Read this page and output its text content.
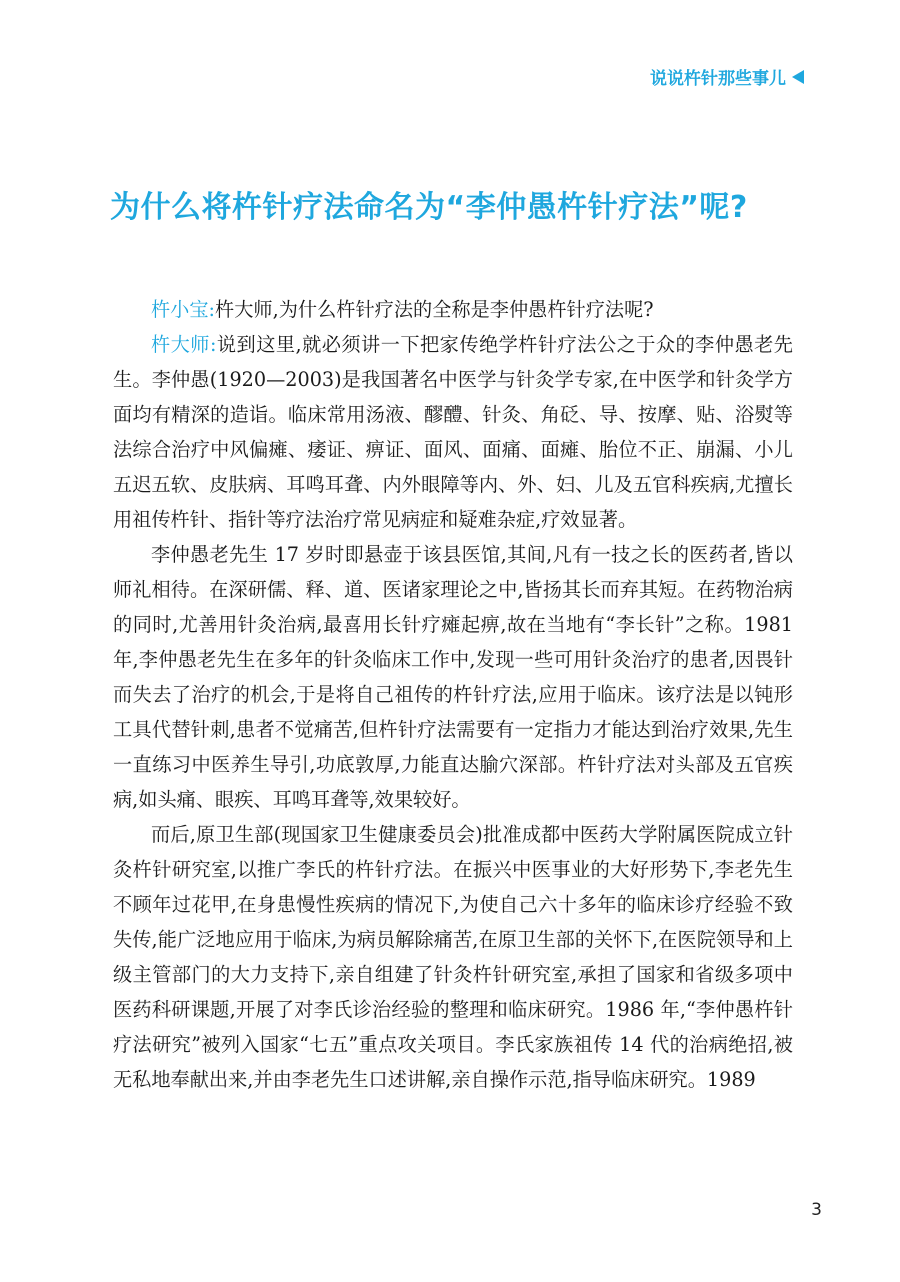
说说杵针那些事儿
为什么将杵针疗法命名为“李仲愚杵针疗法”呢?

杵小宝:杵大师,为什么杵针疗法的全称是李仲愚杵针疗法呢?

杵大师:说到这里,就必须讲一下把家传绝学杵针疗法公之于众的李仲愚老先生。李仲愚(1920—2003)是我国著名中医学与针灸学专家,在中医学和针灸学方面均有精深的造诣。临床常用汤液、醪醴、针灸、角砭、导、按摩、贴、浴熨等法综合治疗中风偏瘫、痿证、痹证、面风、面痛、面瘫、胎位不正、崩漏、小儿五迟五软、皮肤病、耳鸣耳聋、内外眼障等内、外、妇、儿及五官科疾病,尤擅长用祖传杵针、指针等疗法治疗常见病症和疑难杂症,疗效显著。

李仲愚老先生 17 岁时即悬壶于该县医馆,其间,凡有一技之长的医药者,皆以师礼相待。在深研儒、释、道、医诸家理论之中,皆扬其长而弃其短。在药物治病的同时,尤善用针灸治病,最喜用长针疗瘫起痹,故在当地有“李长针”之称。1981 年,李仲愚老先生在多年的针灸临床工作中,发现一些可用针灸治疗的患者,因畏针而失去了治疗的机会,于是将自己祖传的杵针疗法,应用于临床。该疗法是以钝形工具代替针刺,患者不觉痛苦,但杵针疗法需要有一定指力才能达到治疗效果,先生一直练习中医养生导引,功底敦厚,力能直达腧穴深部。杵针疗法对头部及五官疾病,如头痛、眼疾、耳鸣耳聋等,效果较好。

而后,原卫生部(现国家卫生健康委员会)批准成都中医药大学附属医院成立针灸杵针研究室,以推广李氏的杵针疗法。在振兴中医事业的大好形势下,李老先生不顾年过花甲,在身患慢性疾病的情况下,为使自己六十多年的临床诊疗经验不致失传,能广泛地应用于临床,为病员解除痛苦,在原卫生部的关怀下,在医院领导和上级主管部门的大力支持下,亲自组建了针灸杵针研究室,承担了国家和省级多项中医药科研课题,开展了对李氏诊治经验的整理和临床研究。1986 年,“李仲愚杵针疗法研究”被列入国家“七五”重点攻关项目。李氏家族祖传 14 代的治病绝招,被无私地奉献出来,并由李老先生口述讲解,亲自操作示范,指导临床研究。1989

3
